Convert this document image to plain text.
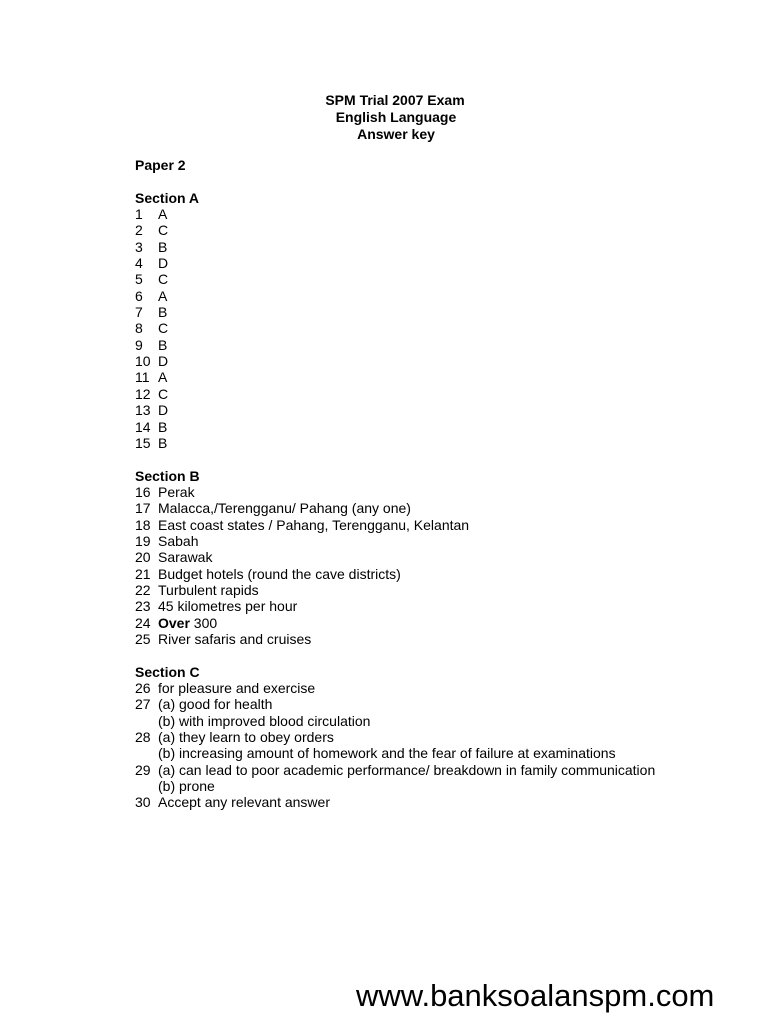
SPM Trial 2007 Exam
English Language
Answer key
Paper 2
Section A
1	A
2	C
3	B
4	D
5	C
6	A
7	B
8	C
9	B
10 D
11 A
12 C
13 D
14 B
15 B
Section B
16 Perak
17 Malacca,/Terengganu/ Pahang (any one)
18 East coast states / Pahang, Terengganu, Kelantan
19 Sabah
20 Sarawak
21 Budget hotels (round the cave districts)
22 Turbulent rapids
23 45 kilometres per hour
24 Over 300
25 River safaris and cruises
Section C
26 for pleasure and exercise
27 (a) good for health
(b) with improved blood circulation
28 (a) they learn to obey orders
(b) increasing amount of homework and the fear of failure at examinations
29 (a) can lead to poor academic performance/ breakdown in family communication
(b) prone
30 Accept any relevant answer
www.banksoalanspm.com
